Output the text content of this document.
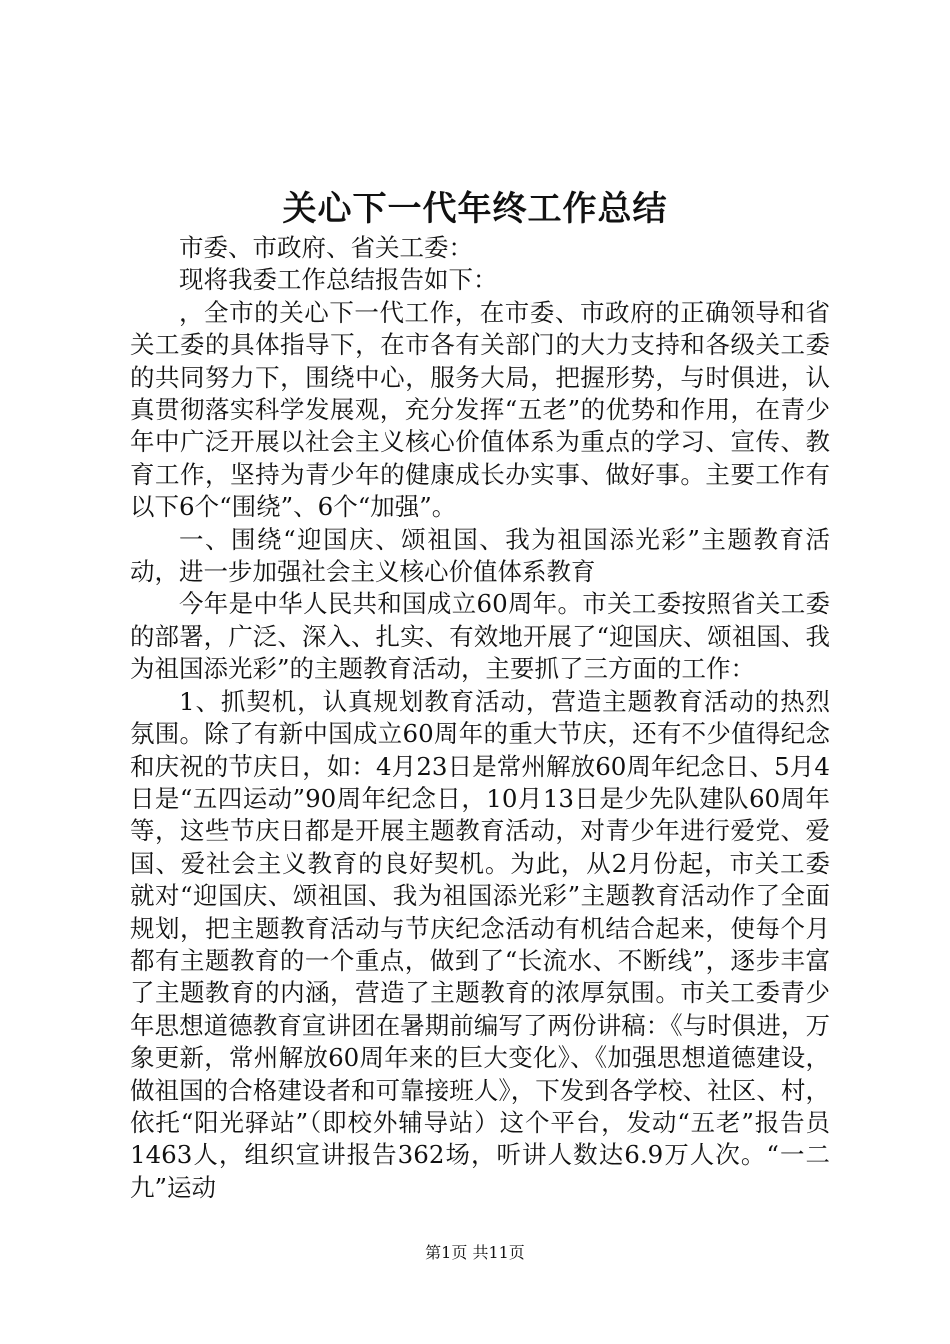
关心下一代年终工作总结

市委、市政府、省关工委：

现将我委工作总结报告如下：

，全市的关心下一代工作，在市委、市政府的正确领导和省关工委的具体指导下，在市各有关部门的大力支持和各级关工委的共同努力下，围绕中心，服务大局，把握形势，与时俱进，认真贯彻落实科学发展观，充分发挥“五老”的优势和作用，在青少年中广泛开展以社会主义核心价值体系为重点的学习、宣传、教育工作，坚持为青少年的健康成长办实事、做好事。主要工作有以下6个“围绕”、6个“加强”。

一、围绕“迎国庆、颂祖国、我为祖国添光彩”主题教育活动，进一步加强社会主义核心价值体系教育

今年是中华人民共和国成立60周年。市关工委按照省关工委的部署，广泛、深入、扎实、有效地开展了“迎国庆、颂祖国、我为祖国添光彩”的主题教育活动，主要抓了三方面的工作：

1、抓契机，认真规划教育活动，营造主题教育活动的热烈氛围。除了有新中国成立60周年的重大节庆，还有不少值得纪念和庆祝的节庆日，如：4月23日是常州解放60周年纪念日、5月4日是“五四运动”90周年纪念日，10月13日是少先队建队60周年等，这些节庆日都是开展主题教育活动，对青少年进行爱党、爱国、爱社会主义教育的良好契机。为此，从2月份起，市关工委就对“迎国庆、颂祖国、我为祖国添光彩”主题教育活动作了全面规划，把主题教育活动与节庆纪念活动有机结合起来，使每个月都有主题教育的一个重点，做到了“长流水、不断线”，逐步丰富了主题教育的内涵，营造了主题教育的浓厚氛围。市关工委青少年思想道德教育宣讲团在暑期前编写了两份讲稿：《与时俱进，万象更新，常州解放60周年来的巨大变化》、《加强思想道德建设，做祖国的合格建设者和可靠接班人》，下发到各学校、社区、村，依托“阳光驿站”（即校外辅导站）这个平台，发动“五老”报告员1463人，组织宣讲报告362场，听讲人数达6.9万人次。“一二九”运动

第1页 共11页
